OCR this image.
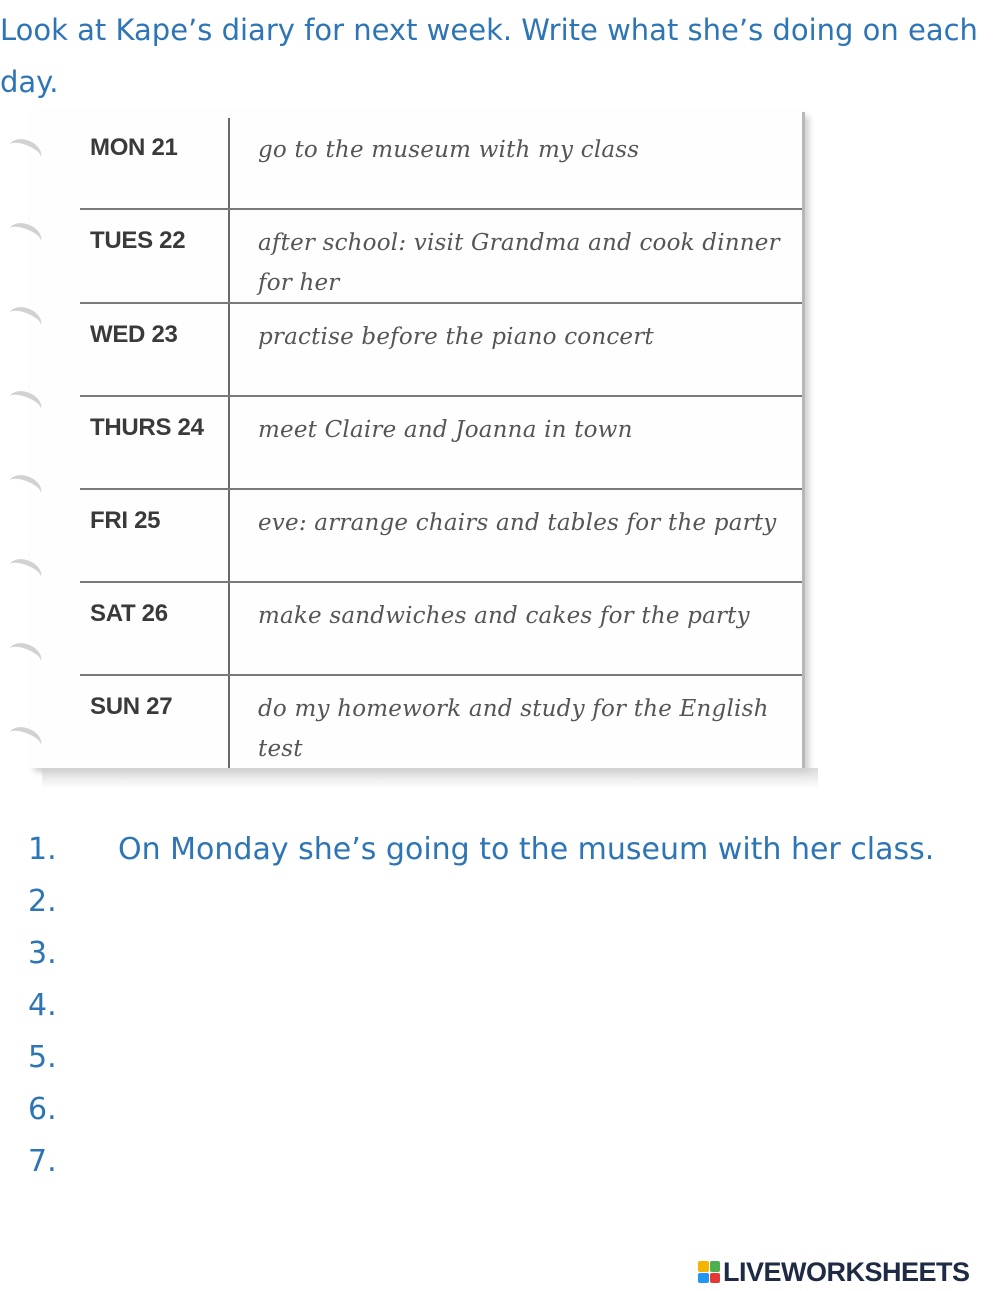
Look at Kape’s diary for next week. Write what she’s doing on each day.

MON 21	go to the museum with my class
TUES 22	after school: visit Grandma and cook dinner for her
WED 23	practise before the piano concert
THURS 24 meet Claire and Joanna in town
FRI 25	eve: arrange chairs and tables for the party
SAT 26	make sandwiches and cakes for the party
SUN 27	do my homework and study for the English test
1. On Monday she’s going to the museum with her class.
2.
3.
4.
5.
6.
7.
LIVEWORKSHEETS
